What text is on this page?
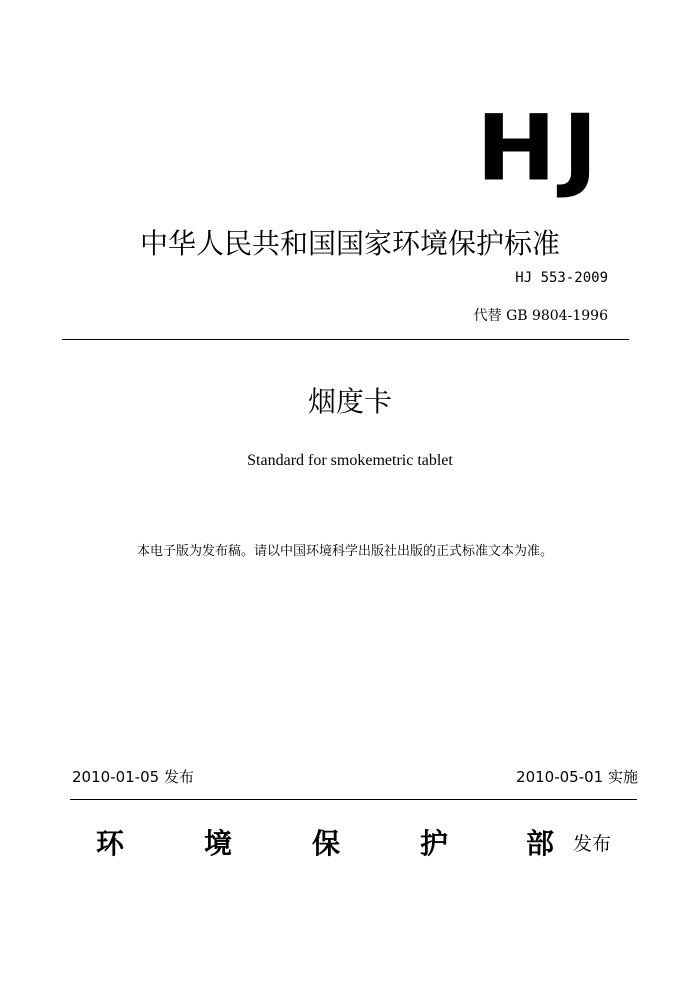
HJ
中华人民共和国国家环境保护标准
HJ 553-2009
代替 GB 9804-1996
烟度卡
Standard for smokemetric tablet
本电子版为发布稿。请以中国环境科学出版社出版的正式标准文本为准。
2010-01-05 发布	2010-05-01 实施
环	境	保	护	部 发布
